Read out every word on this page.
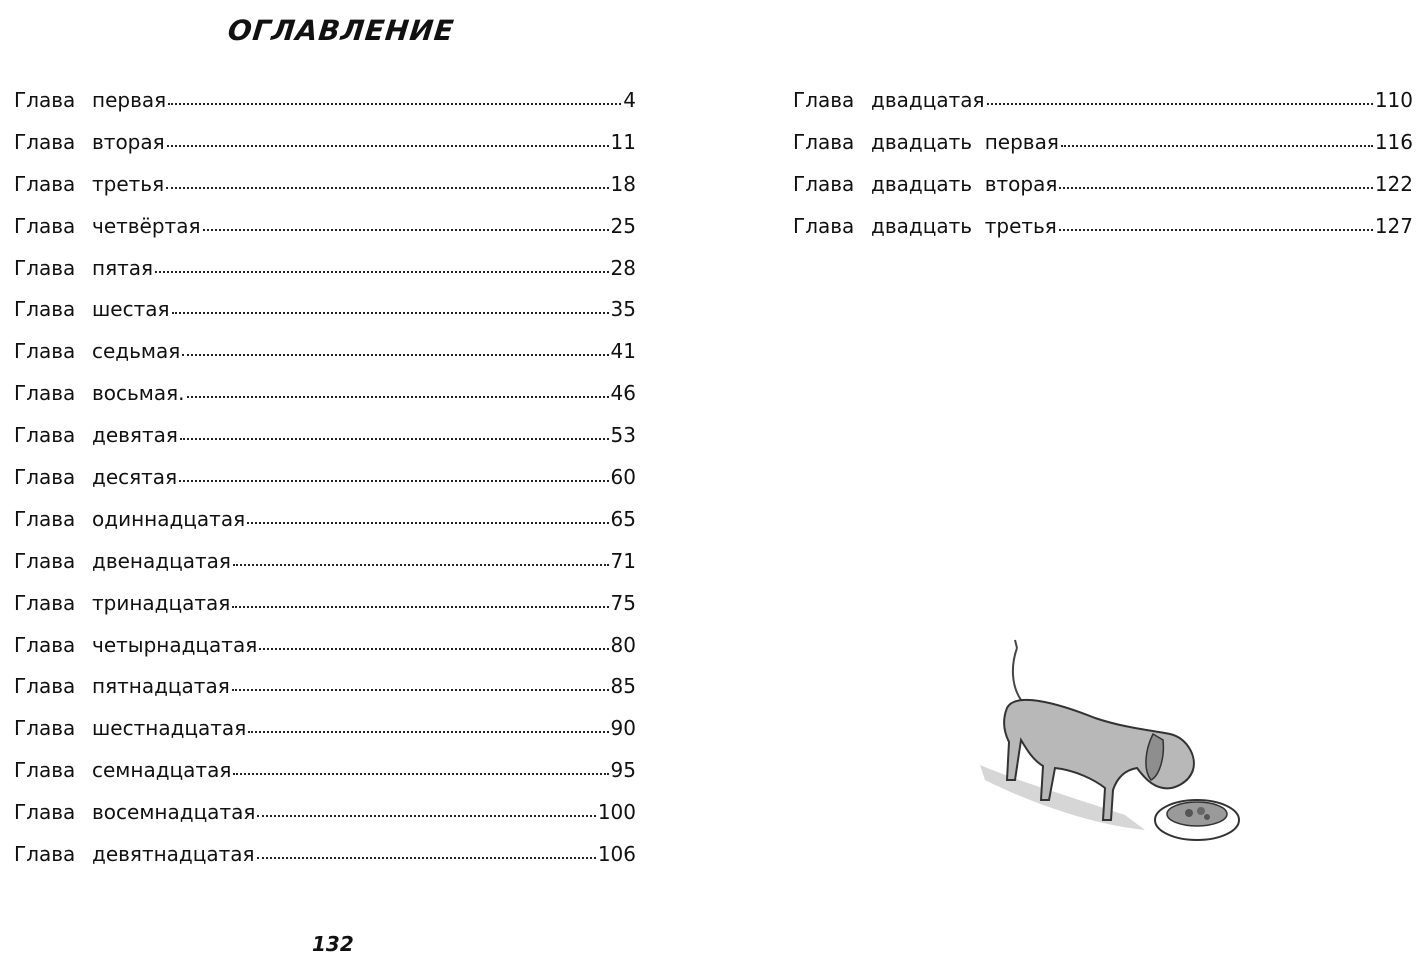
ОГЛАВЛЕНИЕ
Глава первая	4
Глава вторая	11
Глава третья	18
Глава четвёртая	25
Глава пятая	28
Глава шестая	35
Глава седьмая	41
Глава восьмая.	46
Глава девятая	53
Глава десятая	60
Глава одиннадцатая	65
Глава двенадцатая	71
Глава тринадцатая	75
Глава четырнадцатая	80
Глава пятнадцатая	85
Глава шестнадцатая	90
Глава семнадцатая	95
Глава восемнадцатая	100
Глава девятнадцатая	106
Глава двадцатая	110
Глава двадцать  первая	116
Глава двадцать  вторая	122
Глава двадцать  третья	127
132
